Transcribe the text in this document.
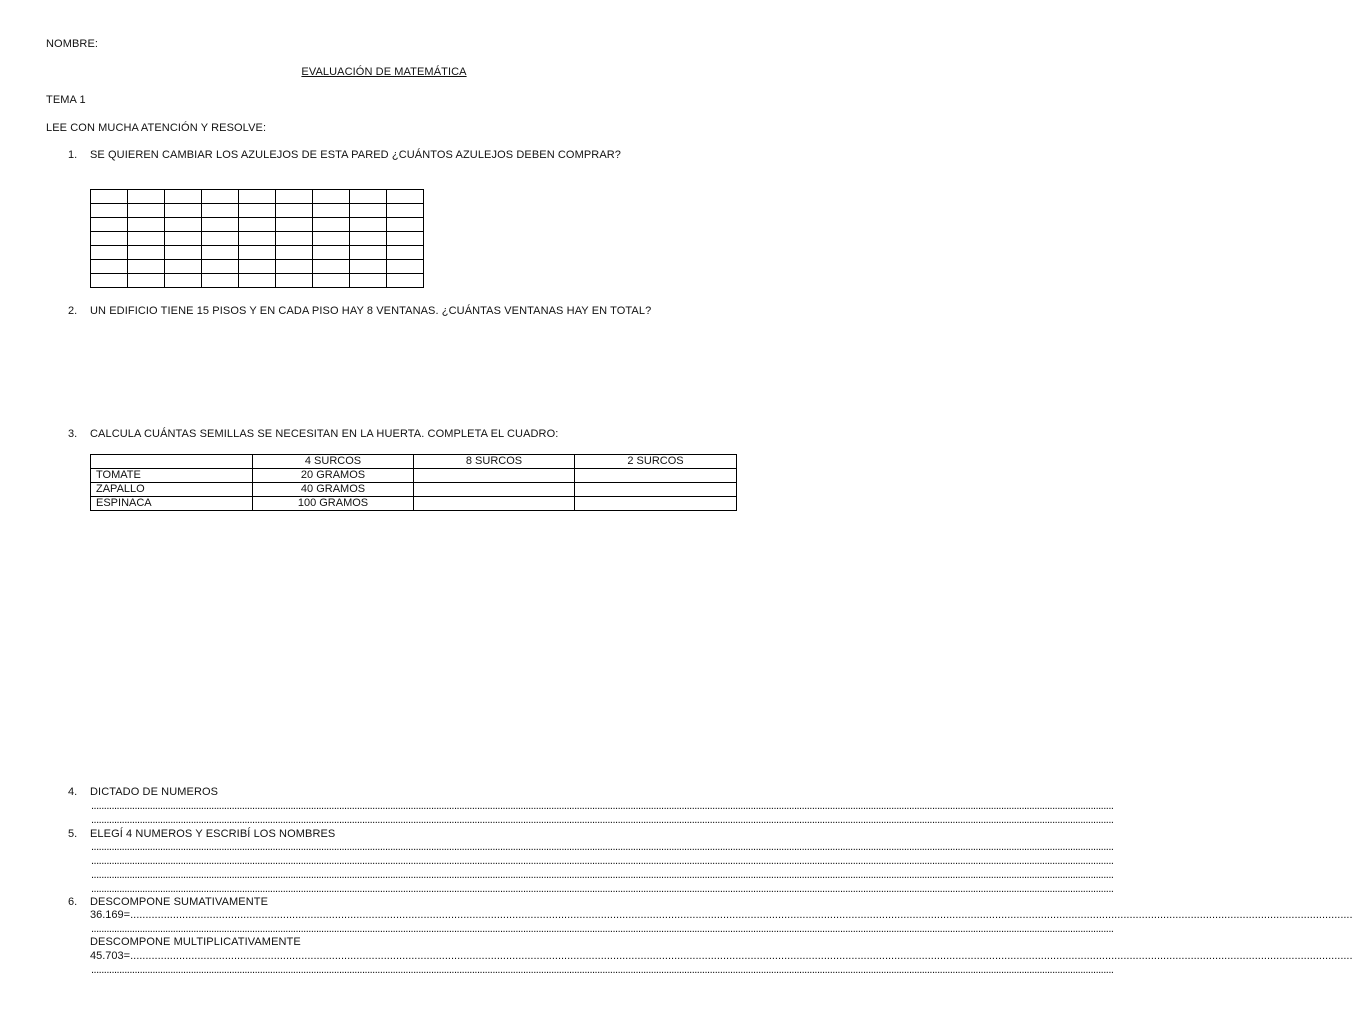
NOMBRE:
EVALUACIÓN DE MATEMÁTICA
TEMA 1
LEE CON MUCHA ATENCIÓN Y RESOLVE:
1. SE QUIEREN CAMBIAR LOS AZULEJOS DE ESTA PARED ¿CUÁNTOS AZULEJOS DEBEN COMPRAR?

2. UN EDIFICIO TIENE 15 PISOS Y EN CADA PISO HAY 8 VENTANAS. ¿CUÁNTAS VENTANAS HAY EN TOTAL?
3. CALCULA CUÁNTAS SEMILLAS SE NECESITAN EN LA HUERTA. COMPLETA EL CUADRO:
	4 SURCOS	8 SURCOS	2 SURCOS
TOMATE	20 GRAMOS		
ZAPALLO	40 GRAMOS		
ESPINACA	100 GRAMOS		
4. DICTADO DE NUMEROS
................................................................................................................................................................................................................................................................................................................................................................................................................
................................................................................................................................................................................................................................................................................................................................................................................................................
5. ELEGÍ 4 NUMEROS Y ESCRIBÍ LOS NOMBRES
................................................................................................................................................................................................................................................................................................................................................................................................................
................................................................................................................................................................................................................................................................................................................................................................................................................
................................................................................................................................................................................................................................................................................................................................................................................................................
................................................................................................................................................................................................................................................................................................................................................................................................................
6. DESCOMPONE SUMATIVAMENTE
36.169=................................................................................................................................................................................................................................................................................................................................................................................................................
................................................................................................................................................................................................................................................................................................................................................................................................................
DESCOMPONE MULTIPLICATIVAMENTE
45.703=................................................................................................................................................................................................................................................................................................................................................................................................................
................................................................................................................................................................................................................................................................................................................................................................................................................
